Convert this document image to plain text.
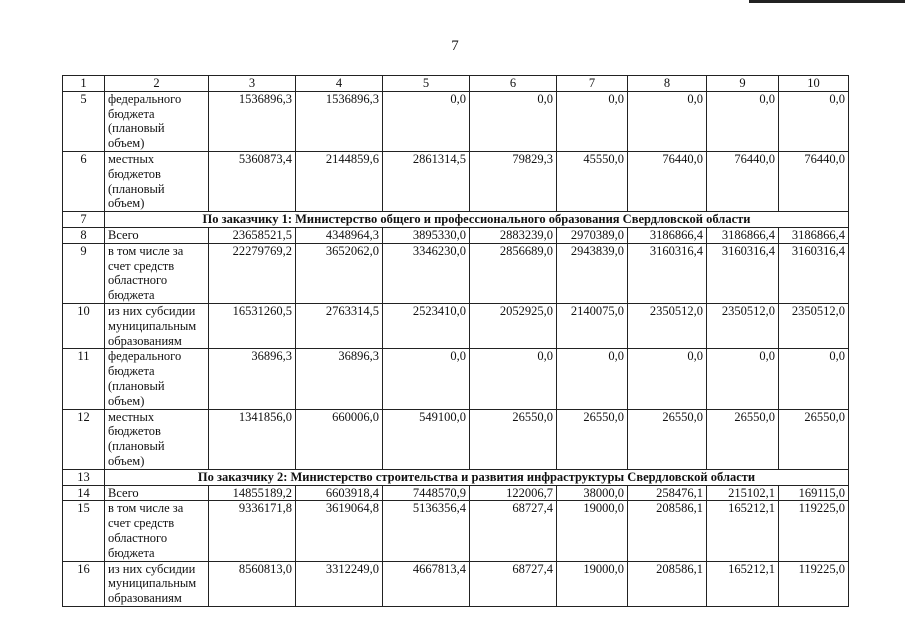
7
1	2	3	4	5	6	7	8	9	10
5	федерального
бюджета
(плановый
объем)	1536896,3	1536896,3	0,0	0,0	0,0	0,0	0,0	0,0
6	местных
бюджетов
(плановый
объем)	5360873,4	2144859,6	2861314,5	79829,3	45550,0	76440,0	76440,0	76440,0
7	По заказчику 1: Министерство общего и профессионального образования Свердловской области								
8	Всего	23658521,5	4348964,3	3895330,0	2883239,0	2970389,0	3186866,4	3186866,4	3186866,4
9	в том числе за
счет средств
областного
бюджета	22279769,2	3652062,0	3346230,0	2856689,0	2943839,0	3160316,4	3160316,4	3160316,4
10	из них субсидии
муниципальным
образованиям	16531260,5	2763314,5	2523410,0	2052925,0	2140075,0	2350512,0	2350512,0	2350512,0
11	федерального
бюджета
(плановый
объем)	36896,3	36896,3	0,0	0,0	0,0	0,0	0,0	0,0
12	местных
бюджетов
(плановый
объем)	1341856,0	660006,0	549100,0	26550,0	26550,0	26550,0	26550,0	26550,0
13	По заказчику 2: Министерство строительства и развития инфраструктуры Свердловской области								
14	Всего	14855189,2	6603918,4	7448570,9	122006,7	38000,0	258476,1	215102,1	169115,0
15	в том числе за
счет средств
областного
бюджета	9336171,8	3619064,8	5136356,4	68727,4	19000,0	208586,1	165212,1	119225,0
16	из них субсидии
муниципальным
образованиям	8560813,0	3312249,0	4667813,4	68727,4	19000,0	208586,1	165212,1	119225,0
